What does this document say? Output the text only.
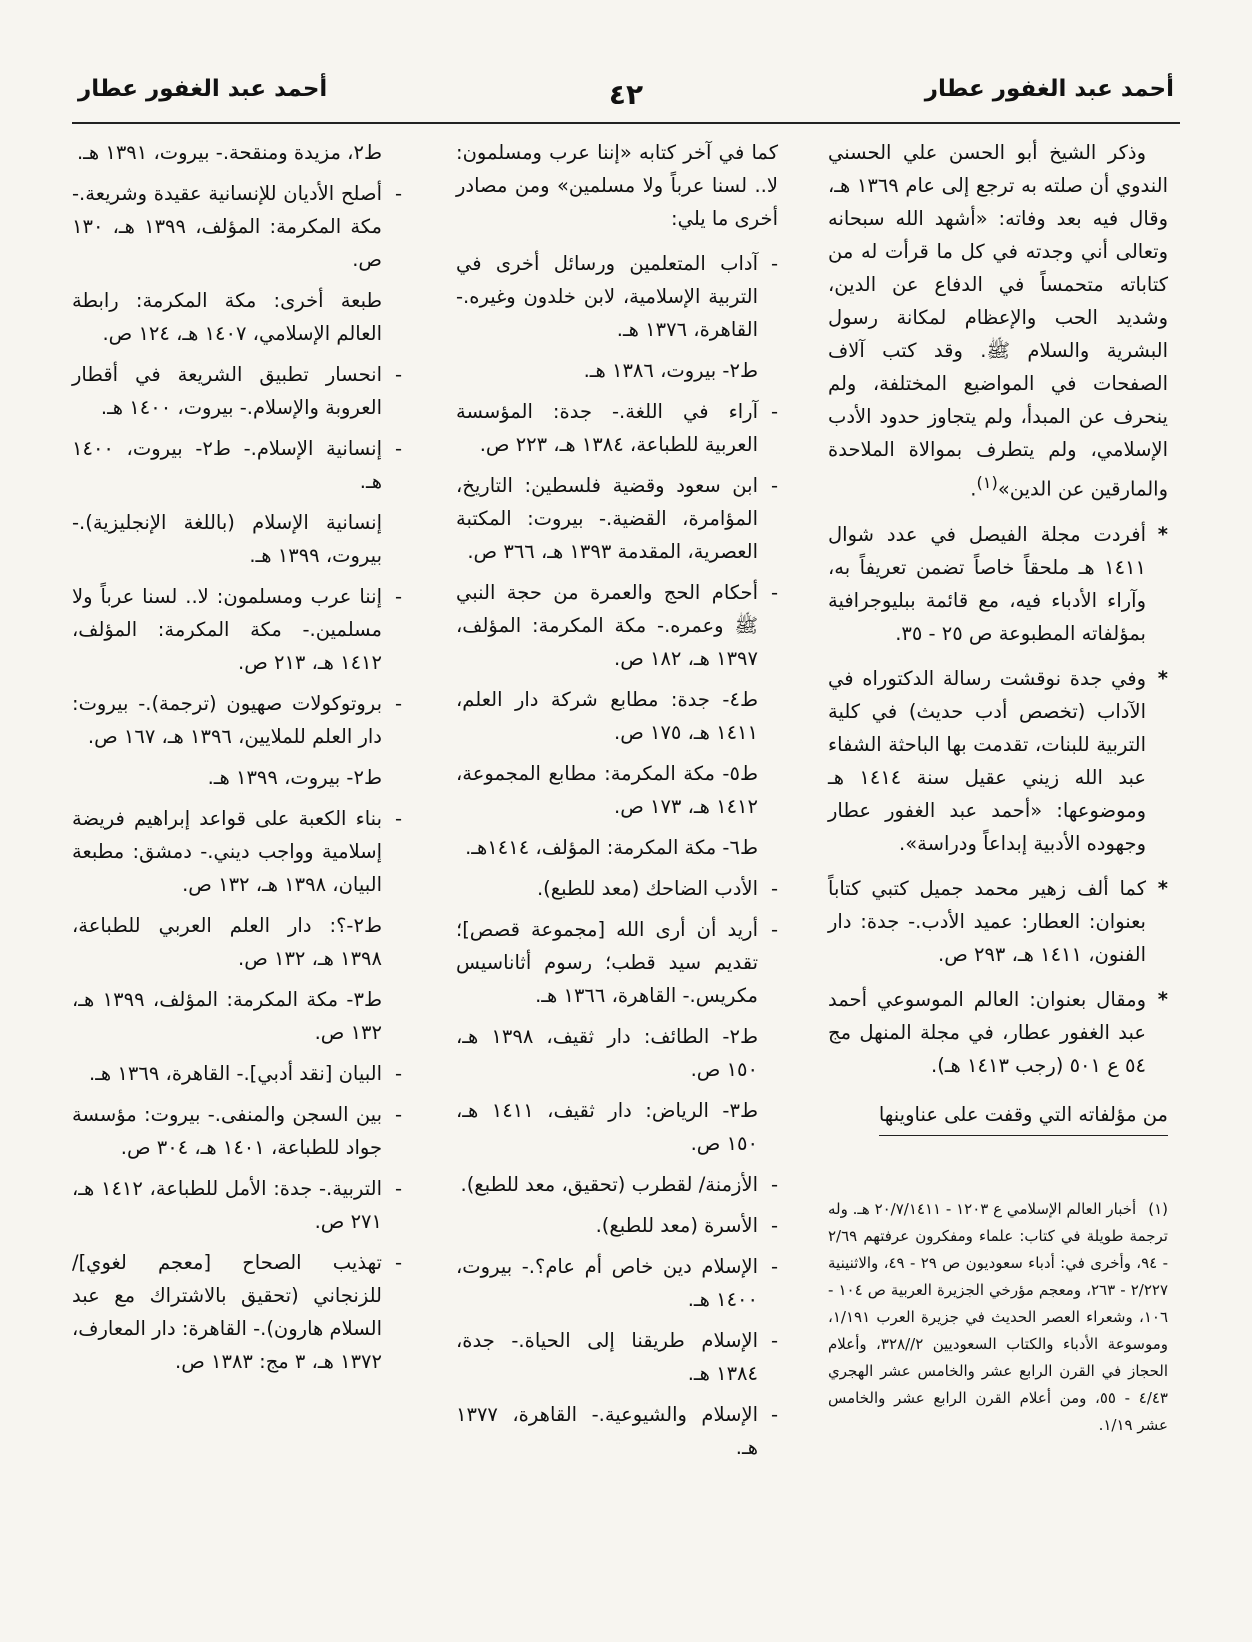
أحمد عبد الغفور عطار
٤٢
أحمد عبد الغفور عطار

وذكر الشيخ أبو الحسن علي الحسني الندوي أن صلته به ترجع إلى عام ١٣٦٩ هـ، وقال فيه بعد وفاته: «أشهد الله سبحانه وتعالى أني وجدته في كل ما قرأت له من كتاباته متحمساً في الدفاع عن الدين، وشديد الحب والإعظام لمكانة رسول البشرية والسلام ﷺ. وقد كتب آلاف الصفحات في المواضيع المختلفة، ولم ينحرف عن المبدأ، ولم يتجاوز حدود الأدب الإسلامي، ولم يتطرف بموالاة الملاحدة والمارقين عن الدين»$^{(١)}$.

*
أفردت مجلة الفيصل في عدد شوال ١٤١١ هـ ملحقاً خاصاً تضمن تعريفاً به، وآراء الأدباء فيه، مع قائمة ببليوجرافية بمؤلفاته المطبوعة ص ٢٥ - ٣٥.
*
وفي جدة نوقشت رسالة الدكتوراه في الآداب (تخصص أدب حديث) في كلية التربية للبنات، تقدمت بها الباحثة الشفاء عبد الله زيني عقيل سنة ١٤١٤ هـ وموضوعها: «أحمد عبد الغفور عطار وجهوده الأدبية إبداعاً ودراسة».
*
كما ألف زهير محمد جميل كتبي كتاباً بعنوان: العطار: عميد الأدب.- جدة: دار الفنون، ١٤١١ هـ، ٢٩٣ ص.
*
ومقال بعنوان: العالم الموسوعي أحمد عبد الغفور عطار، في مجلة المنهل مج ٥٤ ع ٥٠١ (رجب ١٤١٣ هـ).
من مؤلفاته التي وقفت على عناوينها

كما في آخر كتابه «إننا عرب ومسلمون: لا.. لسنا عرباً ولا مسلمين» ومن مصادر أخرى ما يلي:

-
آداب المتعلمين ورسائل أخرى في التربية الإسلامية، لابن خلدون وغيره.- القاهرة، ١٣٧٦ هـ.
ط٢- بيروت، ١٣٨٦ هـ.
-
آراء في اللغة.- جدة: المؤسسة العربية للطباعة، ١٣٨٤ هـ، ٢٢٣ ص.
-
ابن سعود وقضية فلسطين: التاريخ، المؤامرة، القضية.- بيروت: المكتبة العصرية، المقدمة ١٣٩٣ هـ، ٣٦٦ ص.
-
أحكام الحج والعمرة من حجة النبي ﷺ وعمره.- مكة المكرمة: المؤلف، ١٣٩٧ هـ، ١٨٢ ص.
ط٤- جدة: مطابع شركة دار العلم، ١٤١١ هـ، ١٧٥ ص.
ط٥- مكة المكرمة: مطابع المجموعة، ١٤١٢ هـ، ١٧٣ ص.
ط٦- مكة المكرمة: المؤلف، ١٤١٤هـ.
-
الأدب الضاحك (معد للطبع).
-
أريد أن أرى الله [مجموعة قصص]؛ تقديم سيد قطب؛ رسوم أثاناسيس مكريس.- القاهرة، ١٣٦٦ هـ.
ط٢- الطائف: دار ثقيف، ١٣٩٨ هـ، ١٥٠ ص.
ط٣- الرياض: دار ثقيف، ١٤١١ هـ، ١٥٠ ص.
-
الأزمنة/ لقطرب (تحقيق، معد للطبع).
-
الأسرة (معد للطبع).
-
الإسلام دين خاص أم عام؟.- بيروت، ١٤٠٠ هـ.
-
الإسلام طريقنا إلى الحياة.- جدة، ١٣٨٤ هـ.
-
الإسلام والشيوعية.- القاهرة، ١٣٧٧ هـ.
ط٢، مزيدة ومنقحة.- بيروت، ١٣٩١ هـ.
-
أصلح الأديان للإنسانية عقيدة وشريعة.- مكة المكرمة: المؤلف، ١٣٩٩ هـ، ١٣٠ ص.
طبعة أخرى: مكة المكرمة: رابطة العالم الإسلامي، ١٤٠٧ هـ، ١٢٤ ص.
-
انحسار تطبيق الشريعة في أقطار العروبة والإسلام.- بيروت، ١٤٠٠ هـ.
-
إنسانية الإسلام.- ط٢- بيروت، ١٤٠٠ هـ.
إنسانية الإسلام (باللغة الإنجليزية).- بيروت، ١٣٩٩ هـ.
-
إننا عرب ومسلمون: لا.. لسنا عرباً ولا مسلمين.- مكة المكرمة: المؤلف، ١٤١٢ هـ، ٢١٣ ص.
-
بروتوكولات صهيون (ترجمة).- بيروت: دار العلم للملايين، ١٣٩٦ هـ، ١٦٧ ص.
ط٢- بيروت، ١٣٩٩ هـ.
-
بناء الكعبة على قواعد إبراهيم فريضة إسلامية وواجب ديني.- دمشق: مطبعة البيان، ١٣٩٨ هـ، ١٣٢ ص.
ط٢-؟: دار العلم العربي للطباعة، ١٣٩٨ هـ، ١٣٢ ص.
ط٣- مكة المكرمة: المؤلف، ١٣٩٩ هـ، ١٣٢ ص.
-
البيان [نقد أدبي].- القاهرة، ١٣٦٩ هـ.
-
بين السجن والمنفى.- بيروت: مؤسسة جواد للطباعة، ١٤٠١ هـ، ٣٠٤ ص.
-
التربية.- جدة: الأمل للطباعة، ١٤١٢ هـ، ٢٧١ ص.
-
تهذيب الصحاح [معجم لغوي]/ للزنجاني (تحقيق بالاشتراك مع عبد السلام هارون).- القاهرة: دار المعارف، ١٣٧٢ هـ، ٣ مج: ١٣٨٣ ص.
(١)
أخبار العالم الإسلامي ع ١٢٠٣ - ٢٠/٧/١٤١١ هـ. وله ترجمة طويلة في كتاب: علماء ومفكرون عرفتهم ٢/٦٩ - ٩٤، وأخرى في: أدباء سعوديون ص ٢٩ - ٤٩، والاثنينية ٢/٢٢٧ - ٢٦٣، ومعجم مؤرخي الجزيرة العربية ص ١٠٤ - ١٠٦، وشعراء العصر الحديث في جزيرة العرب ١/١٩١، وموسوعة الأدباء والكتاب السعوديين ٢//٣٢٨، وأعلام الحجاز في القرن الرابع عشر والخامس عشر الهجري ٤/٤٣ - ٥٥، ومن أعلام القرن الرابع عشر والخامس عشر ١/١٩.
